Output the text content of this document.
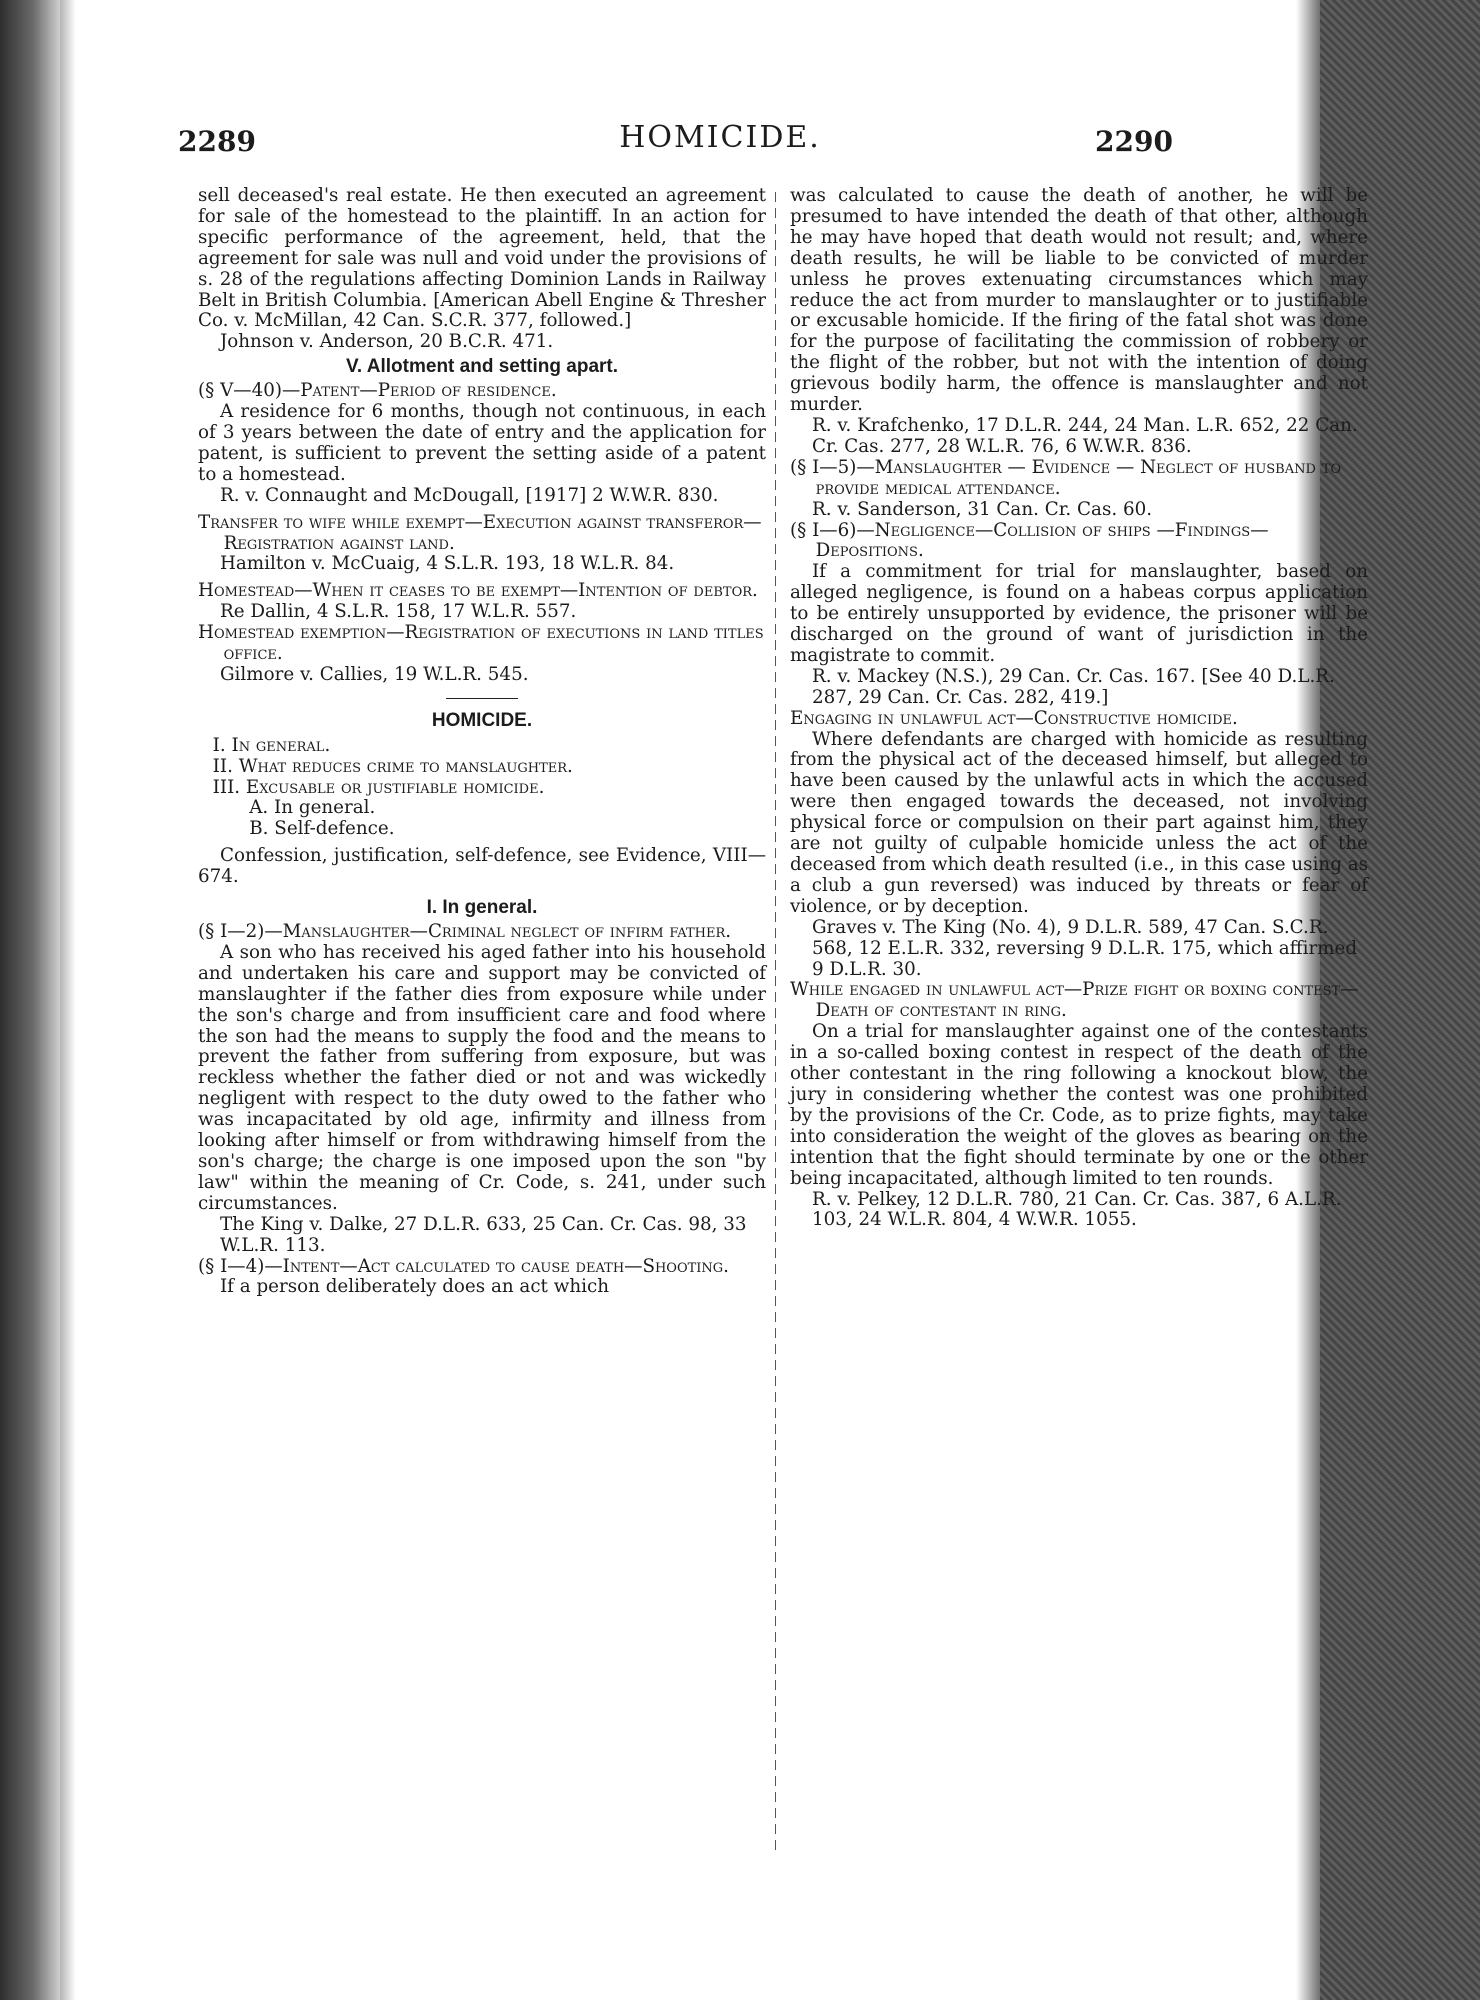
2289	HOMICIDE.	2290

sell deceased's real estate. He then executed an agreement for sale of the homestead to the plaintiff. In an action for specific performance of the agreement, held, that the agreement for sale was null and void under the provisions of s. 28 of the regulations affecting Dominion Lands in Railway Belt in British Columbia. [American Abell Engine & Thresher Co. v. McMillan, 42 Can. S.C.R. 377, followed.]

Johnson v. Anderson, 20 B.C.R. 471.

V. Allotment and setting apart.

(§ V—40)—Patent—Period of residence.

A residence for 6 months, though not continuous, in each of 3 years between the date of entry and the application for patent, is sufficient to prevent the setting aside of a patent to a homestead.

R. v. Connaught and McDougall, [1917] 2 W.W.R. 830.

Transfer to wife while exempt—Execution against transferor—Registration against land.

Hamilton v. McCuaig, 4 S.L.R. 193, 18 W.L.R. 84.

Homestead—When it ceases to be exempt—Intention of debtor.

Re Dallin, 4 S.L.R. 158, 17 W.L.R. 557.

Homestead exemption—Registration of executions in land titles office.

Gilmore v. Callies, 19 W.L.R. 545.

HOMICIDE.

I. In general.

II. What reduces crime to manslaughter.

III. Excusable or justifiable homicide.

A. In general.

B. Self-defence.

Confession, justification, self-defence, see Evidence, VIII—674.

I. In general.

(§ I—2)—Manslaughter—Criminal neglect of infirm father.

A son who has received his aged father into his household and undertaken his care and support may be convicted of manslaughter if the father dies from exposure while under the son's charge and from insufficient care and food where the son had the means to supply the food and the means to prevent the father from suffering from exposure, but was reckless whether the father died or not and was wickedly negligent with respect to the duty owed to the father who was incapacitated by old age, infirmity and illness from looking after himself or from withdrawing himself from the son's charge; the charge is one imposed upon the son "by law" within the meaning of Cr. Code, s. 241, under such circumstances.

The King v. Dalke, 27 D.L.R. 633, 25 Can. Cr. Cas. 98, 33 W.L.R. 113.

(§ I—4)—Intent—Act calculated to cause death—Shooting.

If a person deliberately does an act which

was calculated to cause the death of another, he will be presumed to have intended the death of that other, although he may have hoped that death would not result; and, where death results, he will be liable to be convicted of murder unless he proves extenuating circumstances which may reduce the act from murder to manslaughter or to justifiable or excusable homicide. If the firing of the fatal shot was done for the purpose of facilitating the commission of robbery or the flight of the robber, but not with the intention of doing grievous bodily harm, the offence is manslaughter and not murder.

R. v. Krafchenko, 17 D.L.R. 244, 24 Man. L.R. 652, 22 Can. Cr. Cas. 277, 28 W.L.R. 76, 6 W.W.R. 836.

(§ I—5)—Manslaughter — Evidence — Neglect of husband to provide medical attendance.

R. v. Sanderson, 31 Can. Cr. Cas. 60.

(§ I—6)—Negligence—Collision of ships —Findings—Depositions.

If a commitment for trial for manslaughter, based on alleged negligence, is found on a habeas corpus application to be entirely unsupported by evidence, the prisoner will be discharged on the ground of want of jurisdiction in the magistrate to commit.

R. v. Mackey (N.S.), 29 Can. Cr. Cas. 167. [See 40 D.L.R. 287, 29 Can. Cr. Cas. 282, 419.]

Engaging in unlawful act—Constructive homicide.

Where defendants are charged with homicide as resulting from the physical act of the deceased himself, but alleged to have been caused by the unlawful acts in which the accused were then engaged towards the deceased, not involving physical force or compulsion on their part against him, they are not guilty of culpable homicide unless the act of the deceased from which death resulted (i.e., in this case using as a club a gun reversed) was induced by threats or fear of violence, or by deception.

Graves v. The King (No. 4), 9 D.L.R. 589, 47 Can. S.C.R. 568, 12 E.L.R. 332, reversing 9 D.L.R. 175, which affirmed 9 D.L.R. 30.

While engaged in unlawful act—Prize fight or boxing contest—Death of contestant in ring.

On a trial for manslaughter against one of the contestants in a so-called boxing contest in respect of the death of the other contestant in the ring following a knockout blow, the jury in considering whether the contest was one prohibited by the provisions of the Cr. Code, as to prize fights, may take into consideration the weight of the gloves as bearing on the intention that the fight should terminate by one or the other being incapacitated, although limited to ten rounds.

R. v. Pelkey, 12 D.L.R. 780, 21 Can. Cr. Cas. 387, 6 A.L.R. 103, 24 W.L.R. 804, 4 W.W.R. 1055.
